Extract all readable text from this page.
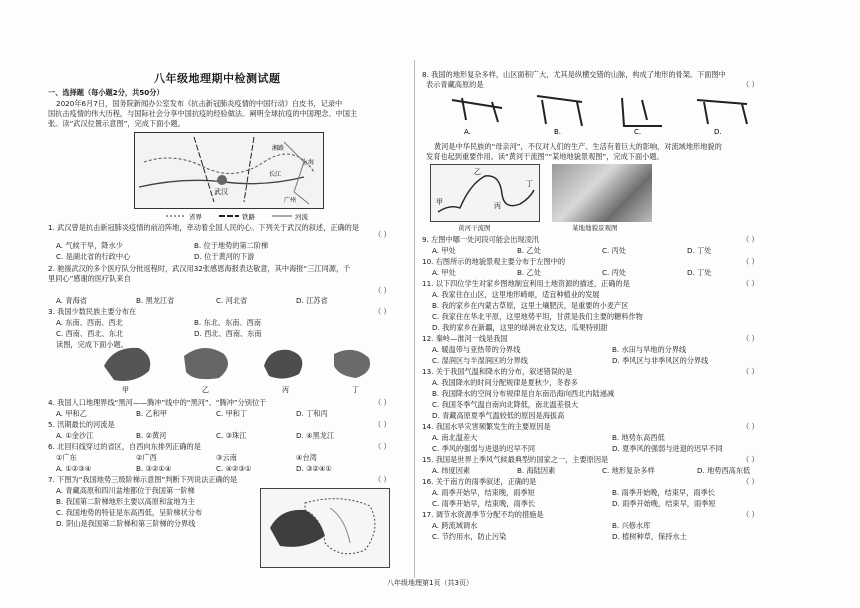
八年级地理期中检测试题
一、选择题（每小题2分，共50分）
2020年6月7日，国务院新闻办公室发布《抗击新冠肺炎疫情的中国行动》白皮书，记录中
国抗击疫情的伟大历程，与国际社会分享中国抗疫的经验做法。阐明全球抗疫的中国理念、中国主
张。读“武汉位置示意图”，完成下面小题。
武汉
长江
上海
湘路
广州
省界	铁路	河流
1. 武汉曾是抗击新冠肺炎疫情的前沿阵地，牵动着全国人民的心。下列关于武汉的叙述，正确的是
（ ）
A. 气候干旱，降水少	B. 位于地势的第二阶梯
C. 是湖北省的行政中心	D. 位于黄河的下游
2. 驰援武汉的多个医疗队分批返程时，武汉用32张感恩海报表达敬意，其中海报“三江同源，千
里同心”感谢的医疗队来自
（ ）
A. 青海省	B. 黑龙江省	C. 河北省	D. 江苏省
3. 我国少数民族主要分布在	（ ）
A. 东南、西南、西北	B. 东北、东南、西南
C. 西南、西北、东北	D. 西北、西南、东南
读图，完成下面小题。
甲	乙	丙	丁
4. 我国人口地理界线“黑河——腾冲”线中的“黑河”、“腾冲”分别位于	（ ）
A. 甲和乙	B. 乙和甲	C. 甲和丁	D. 丁和丙
5. 汛期最长的河流是	（ ）
A. ①金沙江	B. ②黄河	C. ③珠江	D. ④黑龙江
6. 北回归线穿过的省区，自西向东排列正确的是	（ ）
①广东	②广西	③云南	④台湾
A. ①②③④	B. ③②①④	C. ④②③①	D. ③②④①
7. 下图为“我国地势三级阶梯示意图”判断下列说法正确的是	（ ）
A. 青藏高原和四川盆地都位于我国第一阶梯
B. 我国第二阶梯地形主要以高原和盆地为主
C. 我国地势的特征是东高西低，呈阶梯状分布
D. 阴山是我国第二阶梯和第三阶梯的分界线
8. 我国的地形复杂多样，山区面积广大，尤其是纵横交错的山脉，构成了地形的骨架。下面图中
表示青藏高原的是	（ ）
A.	B.	C.	D.
黄河是中华民族的“母亲河”，不仅对人们的生产、生活有着巨大的影响，对流域地形地貌的
发育也起到重要作用。读“黄河干流图”“某地地貌景观图”，完成下面小题。
甲
乙
丙
丁
黄河干流图	某地地貌景观图
9. 左图中哪一处河段可能会出现凌汛	（ ）
A. 甲处	B. 乙处	C. 丙处	D. 丁处
10. 右图所示的地貌景观主要分布于左图中的	（ ）
A. 甲处	B. 乙处	C. 丙处	D. 丁处
11. 以下四位学生对家乡图地制宜利用土地资源的描述，正确的是	（ ）
A. 我家住在山区，这里地形崎岖，适宜种植业的发展
B. 我的家乡在内蒙古草原，这里土壤肥沃，是重要的小麦产区
C. 我家住在华北平原，这里地势平坦，甘蔗是我们主要的糖料作物
D. 我的家乡在新疆，这里的绿洲农业发达，瓜果特别甜
12. 秦岭—淮河一线是我国	（ ）
A. 暖温带与亚热带的分界线	B. 水田与旱地的分界线
C. 湿润区与半湿润区的分界线	D. 季风区与非季风区的分界线
13. 关于我国气温和降水的分布，叙述错误的是	（ ）
A. 我国降水的时间分配规律是夏秋少，冬春多
B. 我国降水的空间分布规律是自东南沿海向西北内陆递减
C. 我国冬季气温自南向北降低，南北温差很大
D. 青藏高原夏季气温较低的原因是海拔高
14. 我国水旱灾害频繁发生的主要原因是	（ ）
A. 南北温差大	B. 地势东高西低
C. 季风的强弱与进退的迟早不同	D. 夏季风的强弱与进退的迟早不同
15. 我国是世界上季风气候最典型的国家之一，主要原因是	（ ）
A. 纬度因素	B. 海陆因素	C. 地形复杂多样	D. 地势西高东低
16. 关于南方的雨季叙述，正确的是	（ ）
A. 雨季开始早，结束晚，雨季短	B. 雨季开始晚，结束早，雨季长
C. 雨季开始早，结束晚，雨季长	D. 雨季开始晚，结束早，雨季短
17. 调节水资源季节分配不均的措施是	（ ）
A. 跨流域调水	B. 兴修水库
C. 节约用水，防止污染	D. 植树种草，保持水土
八年级地理第1页（共3页）
